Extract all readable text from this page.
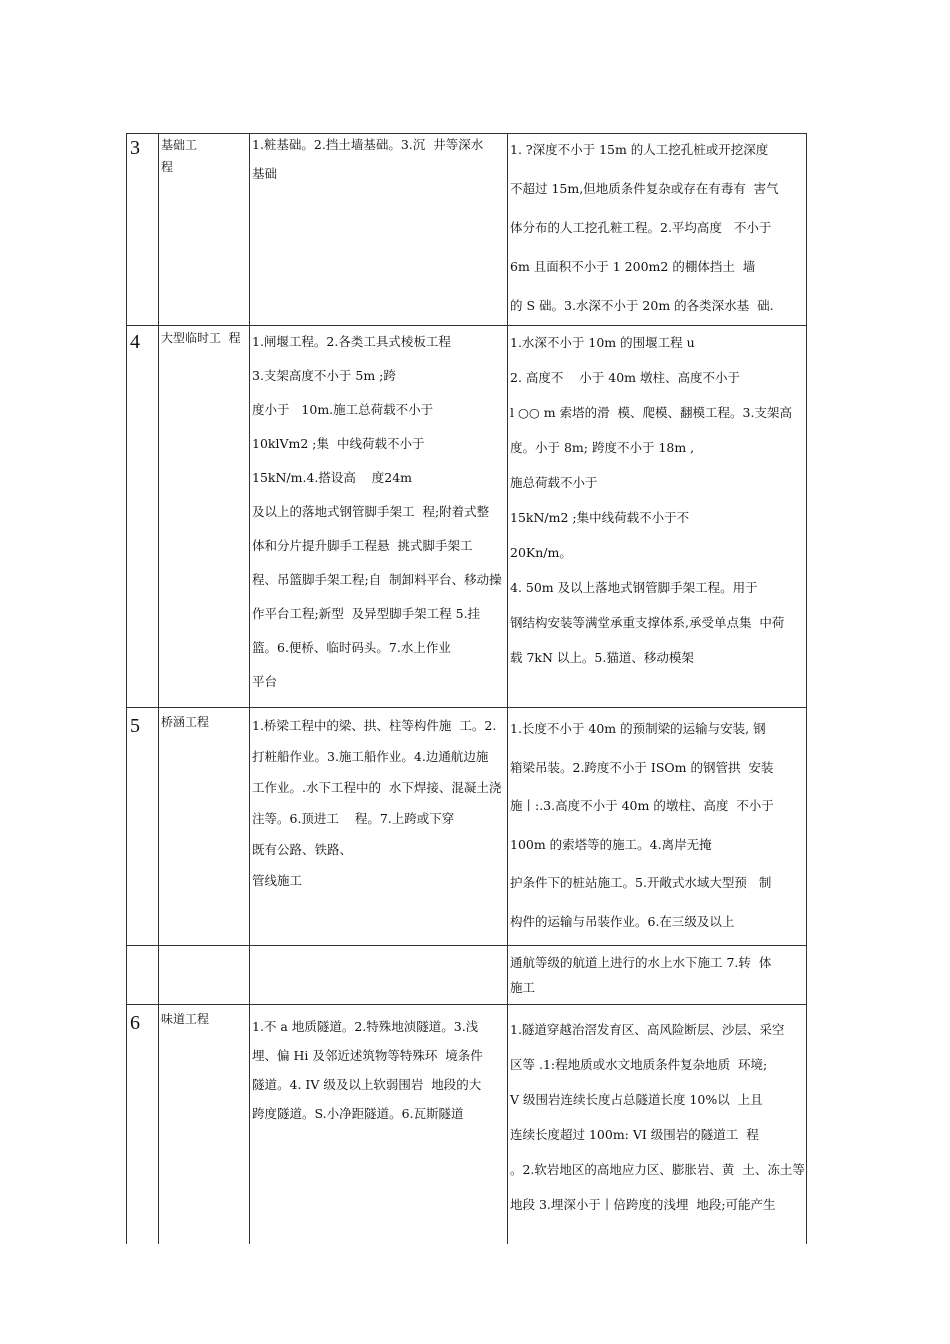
3 基础工
程
1.粧基础。2.挡土墙基础。3.沉  井等深水
基础
1. ?深度不小于 15m 的人工挖孔桩或开挖深度
不超过 15m,但地质条件复杂或存在有毒有  害气
体分布的人工挖孔粧工程。2.平均高度   不小于
6m 且面积不小于 1 200m2 的棚体挡土  墙
的 S 础。3.水深不小于 20m 的各类深水基  础.
4 大型临时工  程 1.闸堰工程。2.各类工具式棱板工程
3.支架高度不小于 5m ;跨
度小于   10m.施工总荷载不小于
10klVm2 ;集  中线荷载不小于
15kN/m.4.搭设高    度24m
及以上的落地式钢管脚手架工  程;附着式整
体和分片提升脚手工程悬  挑式脚手架工
程、吊篮脚手架工程;自  制卸料平台、移动操
作平台工程;新型  及异型脚手架工程 5.挂
篮。6.便桥、临时码头。7.水上作业
平台
1.水深不小于 10m 的围堰工程 u
2. 高度不    小于 40m 墩柱、高度不小于
l ○○ m 索塔的滑  模、爬模、翻模工程。3.支架高
度。小于 8m; 跨度不小于 18m ,
施总荷载不小于
15kN/m2 ;集中线荷载不小于不
20Kn/m。
4. 50m 及以上落地式钢管脚手架工程。用于
钢结构安装等满堂承重支撑体系,承受单点集  中荷
载 7kN 以上。5.猫道、移动模架
5 桥涵工程	1.桥梁工程中的梁、拱、柱等构件施  工。2.
打粧船作业。3.施工船作业。4.边通航边施
工作业。.水下工程中的  水下焊接、混凝土浇
注等。6.顶进工    程。7.上跨或下穿
既有公路、铁路、
管线施工
1.长度不小于 40m 的预制梁的运输与安装, 钢
箱梁吊装。2.跨度不小于 ISOm 的钢管拱  安装
施丨:.3.高度不小于 40m 的墩柱、高度  不小于
100m 的索塔等的施工。4.离岸无掩
护条件下的桩站施工。5.开敞式水域大型预   制
构件的运输与吊装作业。6.在三级及以上
通航等级的航道上进行的水上水下施工 7.转  体
施工
6 味道工程	1.不 a 地质隧道。2.特殊地浈隧道。3.浅
埋、偏 Hi 及邻近述筑物等特殊环  境条件
隧道。4. IV 级及以上软弱围岩  地段的大
跨度隧道。S.小净距隧道。6.瓦斯隧道
1.隧道穿越治滘发育区、高风险断层、沙层、采空
区等 .1:程地质或水文地质条件复杂地质  环境;
V 级围岩连续长度占总隧道长度 10%以  上且
连续长度超过 100m: VI 级围岩的隧道工  程
。2.软岩地区的高地应力区、膨胀岩、黄  土、冻土等
地段 3.埋深小于丨倍跨度的浅埋  地段;可能产生
